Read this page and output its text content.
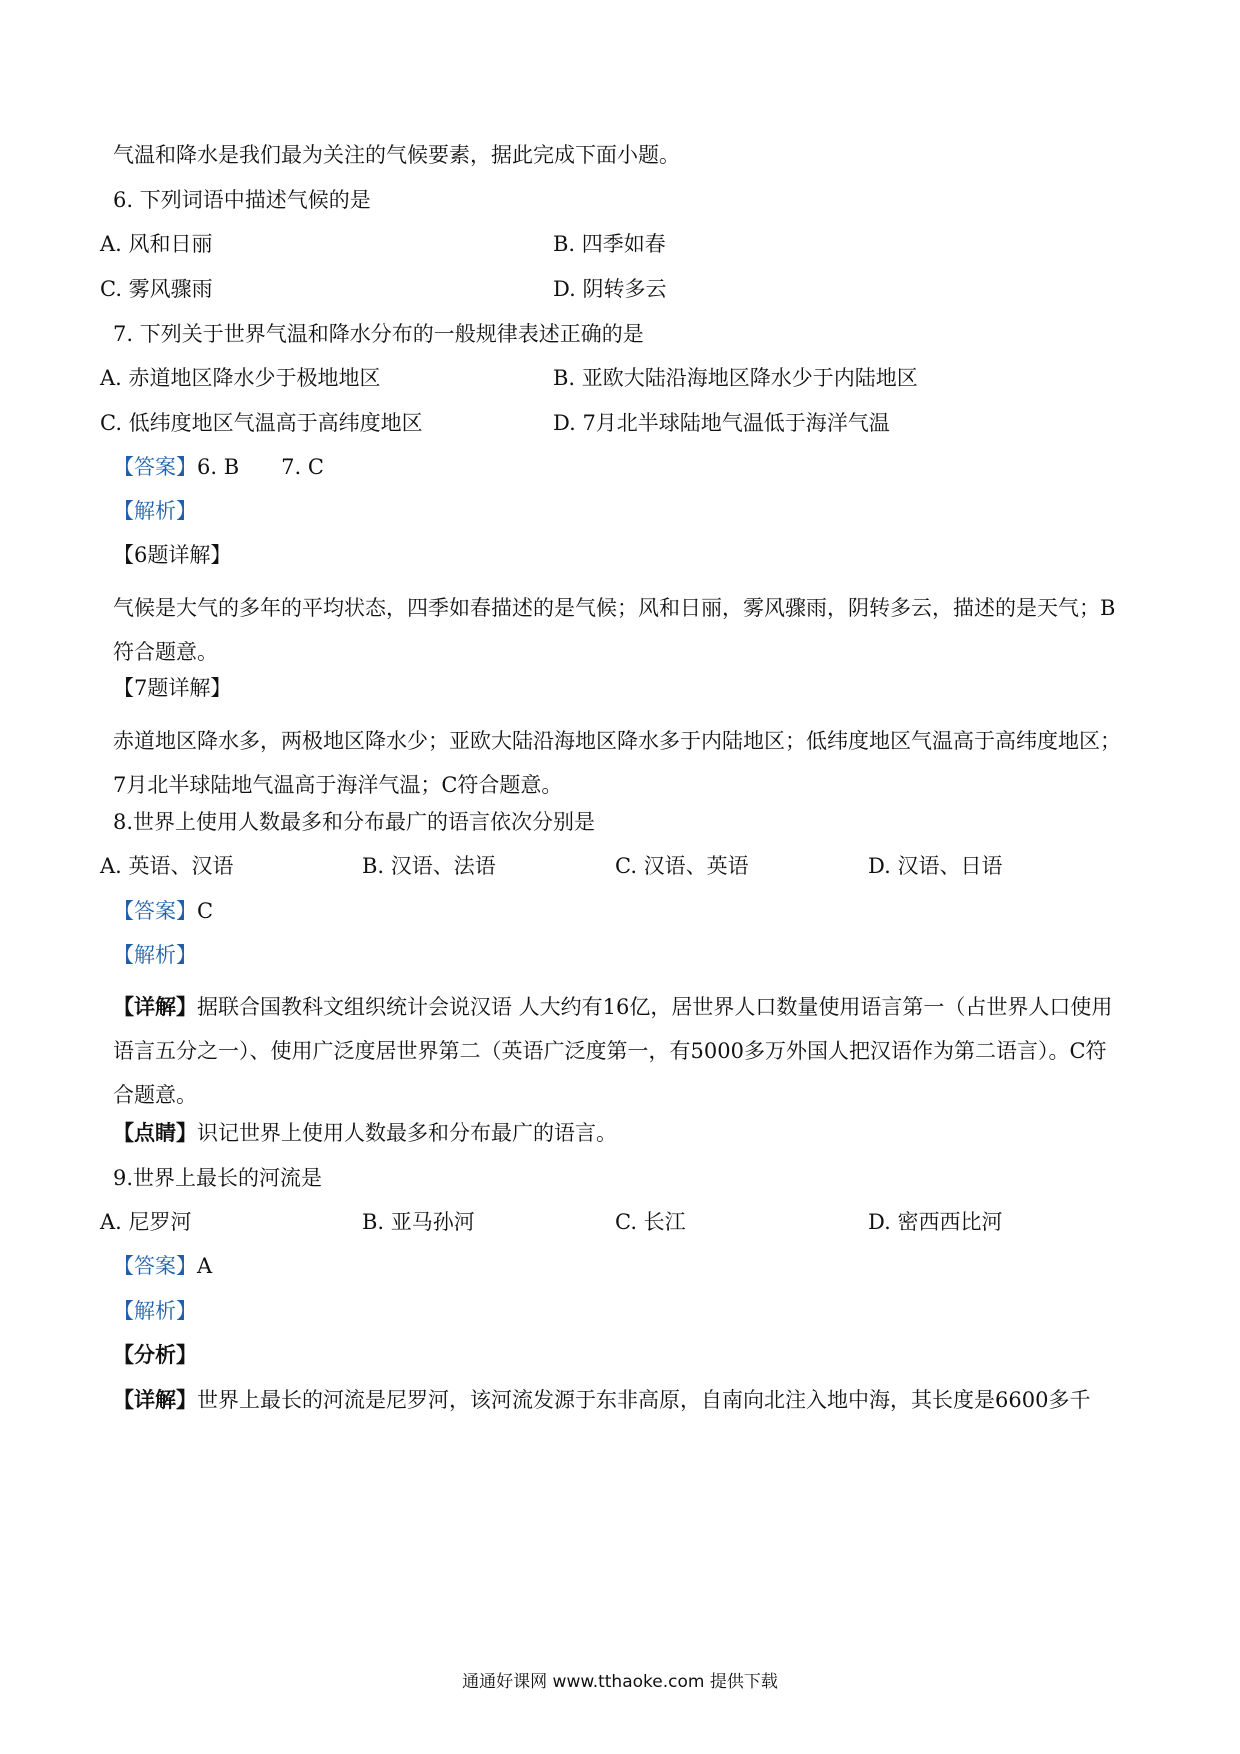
气温和降水是我们最为关注的气候要素，据此完成下面小题。
6. 下列词语中描述气候的是
A. 风和日丽	B. 四季如春
C. 雾风骤雨	D. 阴转多云
7. 下列关于世界气温和降水分布的一般规律表述正确的是
A. 赤道地区降水少于极地地区	B. 亚欧大陆沿海地区降水少于内陆地区
C. 低纬度地区气温高于高纬度地区	D. 7月北半球陆地气温低于海洋气温
【答案】6. B 7. C
【解析】
【6题详解】
气候是大气的多年的平均状态，四季如春描述的是气候；风和日丽，雾风骤雨，阴转多云，描述的是天气；B符合题意。
【7题详解】
赤道地区降水多，两极地区降水少；亚欧大陆沿海地区降水多于内陆地区；低纬度地区气温高于高纬度地区；7月北半球陆地气温高于海洋气温；C符合题意。
8.世界上使用人数最多和分布最广的语言依次分别是
A. 英语、汉语	B. 汉语、法语	C. 汉语、英语	D. 汉语、日语
【答案】C
【解析】
【详解】据联合国教科文组织统计会说汉语 人大约有16亿，居世界人口数量使用语言第一（占世界人口使用语言五分之一）、使用广泛度居世界第二（英语广泛度第一，有5000多万外国人把汉语作为第二语言）。C符合题意。
【点睛】识记世界上使用人数最多和分布最广的语言。
9.世界上最长的河流是
A. 尼罗河	B. 亚马孙河	C. 长江	D. 密西西比河
【答案】A
【解析】
【分析】
【详解】世界上最长的河流是尼罗河，该河流发源于东非高原，自南向北注入地中海，其长度是6600多千
通通好课网 www.tthaoke.com 提供下载
